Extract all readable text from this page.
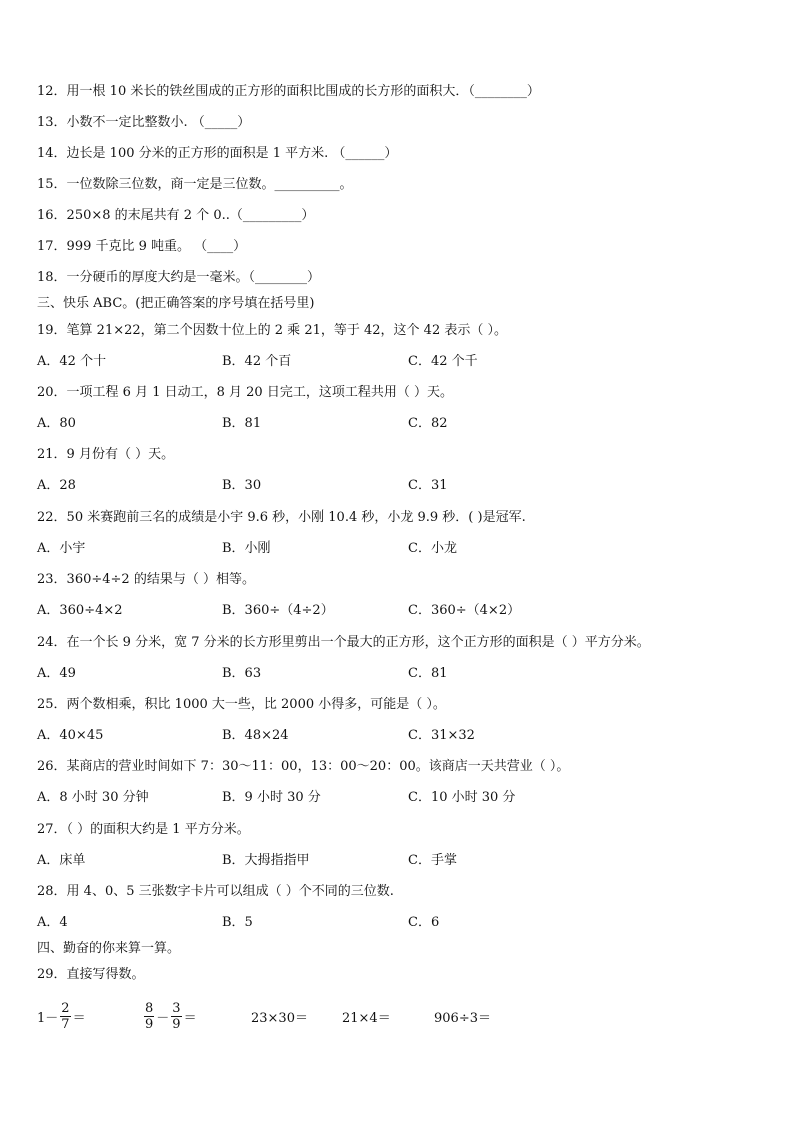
12．用一根 10 米长的铁丝围成的正方形的面积比围成的长方形的面积大．（________）
13．小数不一定比整数小. （_____）
14．边长是 100 分米的正方形的面积是 1 平方米. （______）
15．一位数除三位数，商一定是三位数。__________。
16．250×8 的末尾共有 2 个 0..（_________）
17．999 千克比 9 吨重。 （____）
18．一分硬币的厚度大约是一毫米。（________）
三、快乐 ABC。(把正确答案的序号填在括号里)
19．笔算 21×22，第二个因数十位上的 2 乘 21，等于 42，这个 42 表示（ ）。
A．42 个十	B．42 个百	C．42 个千
20．一项工程 6 月 1 日动工，8 月 20 日完工，这项工程共用（ ）天。
A．80	B．81	C．82
21．9 月份有（ ）天。
A．28	B．30	C．31
22．50 米赛跑前三名的成绩是小宇 9.6 秒，小刚 10.4 秒，小龙 9.9 秒．( )是冠军.
A．小宇	B．小刚	C．小龙
23．360÷4÷2 的结果与（ ）相等。
A．360÷4×2	B．360÷（4÷2）	C．360÷（4×2）
24．在一个长 9 分米，宽 7 分米的长方形里剪出一个最大的正方形，这个正方形的面积是（ ）平方分米。
A．49	B．63	C．81
25．两个数相乘，积比 1000 大一些，比 2000 小得多，可能是（ ）。
A．40×45	B．48×24	C．31×32
26．某商店的营业时间如下 7：30～11：00，13：00～20：00。该商店一天共营业（ ）。
A．8 小时 30 分钟	B．9 小时 30 分	C．10 小时 30 分
27．（ ）的面积大约是 1 平方分米。
A．床单	B．大拇指指甲	C．手掌
28．用 4、0、5 三张数字卡片可以组成（ ）个不同的三位数.
A．4	B．5	C．6
四、勤奋的你来算一算。
29．直接写得数。
$1- \frac{2}{7}$ ＝	$\frac{8}{9} - \frac{3}{9}$ ＝	23×30＝	21×4＝	906÷3＝
